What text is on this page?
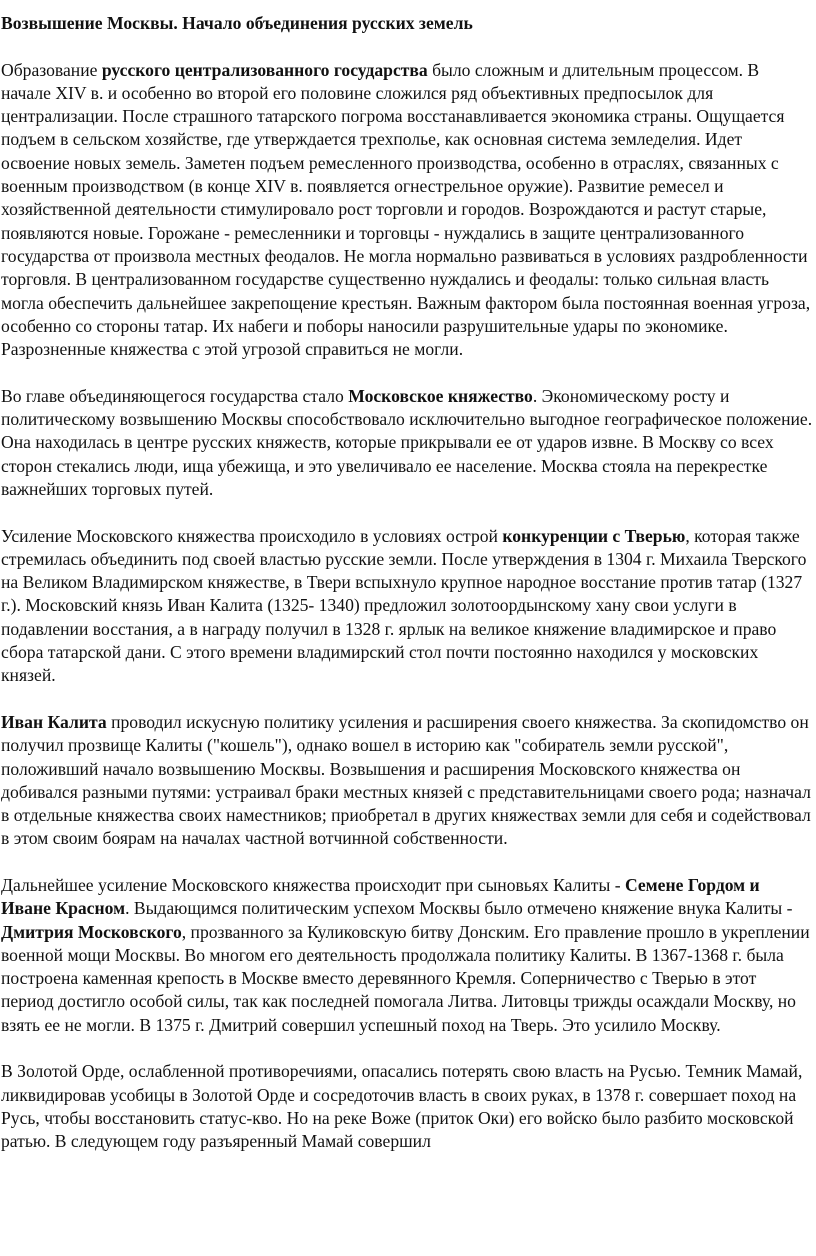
Возвышение Москвы. Начало объединения русских земель

Образование русского централизованного государства было сложным и длительным процессом. В начале XIV в. и особенно во второй его половине сложился ряд объективных предпосылок для централизации. После страшного татарского погрома восстанавливается экономика страны. Ощущается подъем в сельском хозяйстве, где утверждается трехполье, как основная система земледелия. Идет освоение новых земель. Заметен подъем ремесленного производства, особенно в отраслях, связанных с военным производством (в конце XIV в. появляется огнестрельное оружие). Развитие ремесел и хозяйственной деятельности стимулировало рост торговли и городов. Возрождаются и растут старые, появляются новые. Горожане - ремесленники и торговцы - нуждались в защите централизованного государства от произвола местных феодалов. Не могла нормально развиваться в условиях раздробленности торговля. В централизованном государстве существенно нуждались и феодалы: только сильная власть могла обеспечить дальнейшее закрепощение крестьян. Важным фактором была постоянная военная угроза, особенно со стороны татар. Их набеги и поборы наносили разрушительные удары по экономике. Разрозненные княжества с этой угрозой справиться не могли.

Во главе объединяющегося государства стало Московское княжество. Экономическому росту и политическому возвышению Москвы способствовало исключительно выгодное географическое положение. Она находилась в центре русских княжеств, которые прикрывали ее от ударов извне. В Москву со всех сторон стекались люди, ища убежища, и это увеличивало ее население. Москва стояла на перекрестке важнейших торговых путей.

Усиление Московского княжества происходило в условиях острой конкуренции с Тверью, которая также стремилась объединить под своей властью русские земли. После утверждения в 1304 г. Михаила Тверского на Великом Владимирском княжестве, в Твери вспыхнуло крупное народное восстание против татар (1327 г.). Московский князь Иван Калита (1325- 1340) предложил золотоордынскому хану свои услуги в подавлении восстания, а в награду получил в 1328 г. ярлык на великое княжение владимирское и право сбора татарской дани. С этого времени владимирский стол почти постоянно находился у московских князей.

Иван Калита проводил искусную политику усиления и расширения своего княжества. За скопидомство он получил прозвище Калиты ("кошель"), однако вошел в историю как "собиратель земли русской", положивший начало возвышению Москвы. Возвышения и расширения Московского княжества он добивался разными путями: устраивал браки местных князей с представительницами своего рода; назначал в отдельные княжества своих наместников; приобретал в других княжествах земли для себя и содействовал в этом своим боярам на началах частной вотчинной собственности.

Дальнейшее усиление Московского княжества происходит при сыновьях Калиты - Семене Гордом и Иване Красном. Выдающимся политическим успехом Москвы было отмечено княжение внука Калиты - Дмитрия Московского, прозванного за Куликовскую битву Донским. Его правление прошло в укреплении военной мощи Москвы. Во многом его деятельность продолжала политику Калиты. В 1367-1368 г. была построена каменная крепость в Москве вместо деревянного Кремля. Соперничество с Тверью в этот период достигло особой силы, так как последней помогала Литва. Литовцы трижды осаждали Москву, но взять ее не могли. В 1375 г. Дмитрий совершил успешный поход на Тверь. Это усилило Москву.

В Золотой Орде, ослабленной противоречиями, опасались потерять свою власть на Русью. Темник Мамай, ликвидировав усобицы в Золотой Орде и сосредоточив власть в своих руках, в 1378 г. совершает поход на Русь, чтобы восстановить статус-кво. Но на реке Воже (приток Оки) его войско было разбито московской ратью. В следующем году разъяренный Мамай совершил
